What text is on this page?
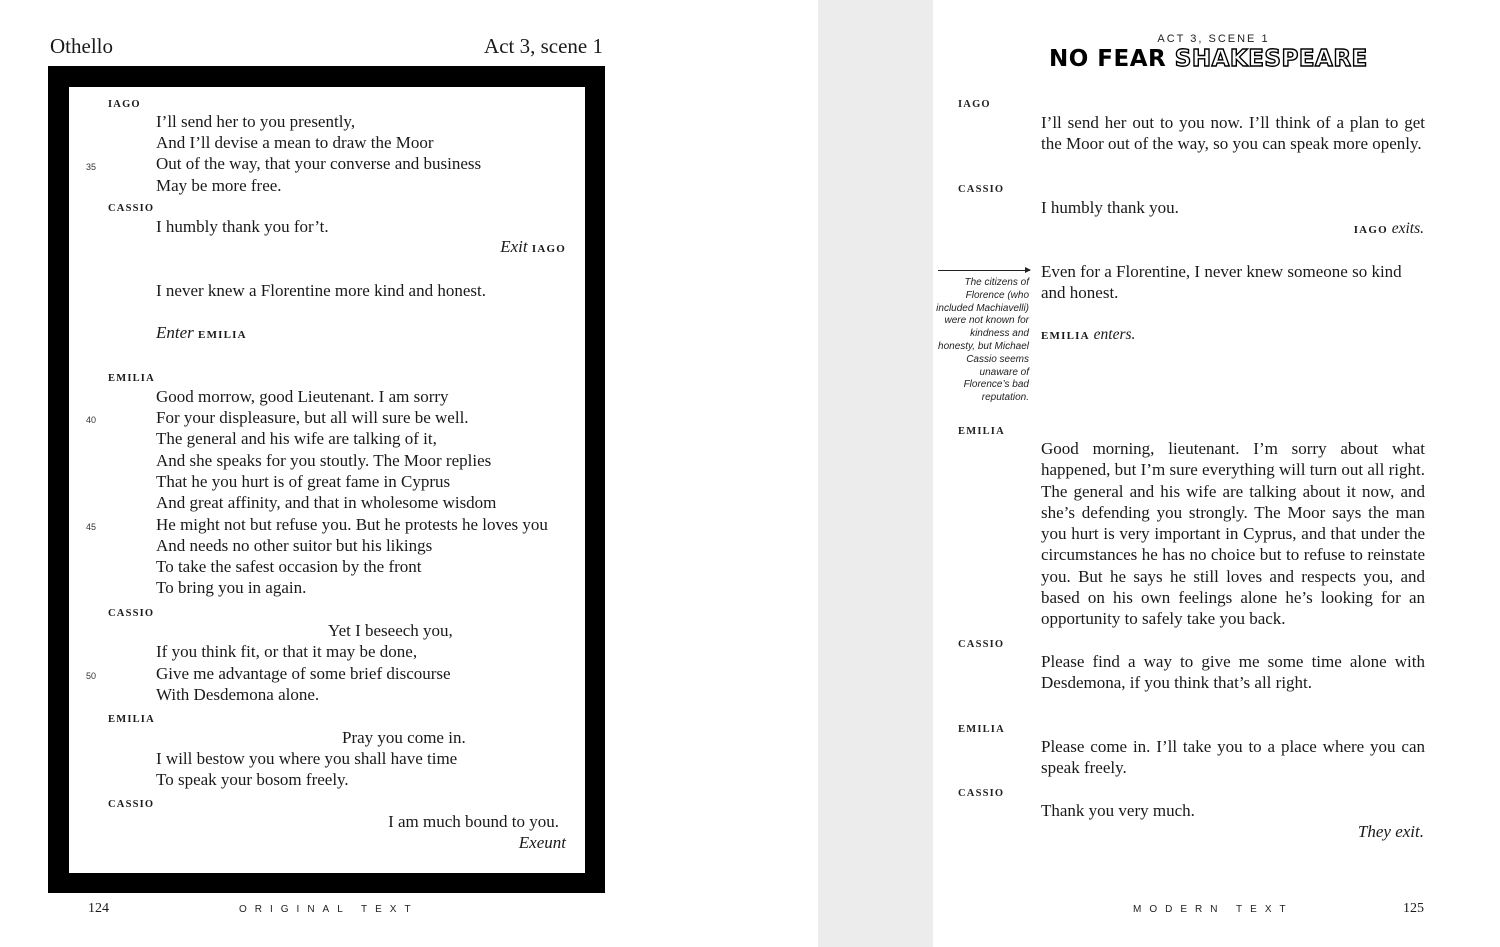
Othello	Act 3, scene 1
IAGO
I’ll send her to you presently,
And I’ll devise a mean to draw the Moor
35	Out of the way, that your converse and business
May be more free.
CASSIO
I humbly thank you for’t.
Exit IAGO
I never knew a Florentine more kind and honest.
Enter EMILIA
EMILIA
Good morrow, good Lieutenant. I am sorry
40	For your displeasure, but all will sure be well.
The general and his wife are talking of it,
And she speaks for you stoutly. The Moor replies
That he you hurt is of great fame in Cyprus
And great affinity, and that in wholesome wisdom
45	He might not but refuse you. But he protests he loves you
And needs no other suitor but his likings
To take the safest occasion by the front
To bring you in again.
CASSIO
Yet I beseech you,
If you think fit, or that it may be done,
50	Give me advantage of some brief discourse
With Desdemona alone.
EMILIA
Pray you come in.
I will bestow you where you shall have time
To speak your bosom freely.
CASSIO
I am much bound to you.
Exeunt
124	ORIGINAL TEXT
ACT 3, SCENE 1
NO FEAR SHAKESPEARE
IAGO
I’ll send her out to you now. I’ll think of a plan to get the Moor out of the way, so you can speak more openly.
CASSIO
I humbly thank you.
IAGO exits.
Even for a Florentine, I never knew someone so kind and honest.
The citizens of Florence (who included Machiavelli) were not known for kindness and honesty, but Michael Cassio seems unaware of Florence’s bad reputation.
EMILIA enters.
EMILIA
Good morning, lieutenant. I’m sorry about what happened, but I’m sure everything will turn out all right. The general and his wife are talking about it now, and she’s defending you strongly. The Moor says the man you hurt is very important in Cyprus, and that under the circumstances he has no choice but to refuse to reinstate you. But he says he still loves and respects you, and based on his own feelings alone he’s looking for an opportunity to safely take you back.
CASSIO
Please find a way to give me some time alone with Desdemona, if you think that’s all right.
EMILIA
Please come in. I’ll take you to a place where you can speak freely.
CASSIO
Thank you very much.
They exit.
MODERN TEXT	125
